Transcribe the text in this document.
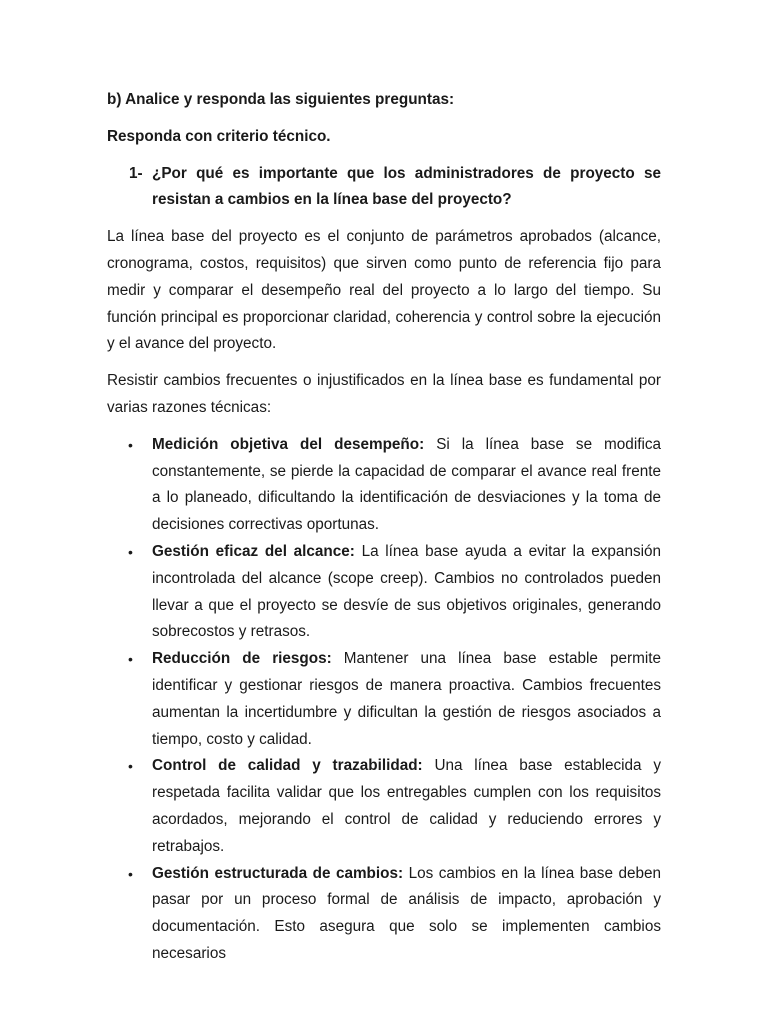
b) Analice y responda las siguientes preguntas:

Responda con criterio técnico.

1- ¿Por qué es importante que los administradores de proyecto se resistan a cambios en la línea base del proyecto?

La línea base del proyecto es el conjunto de parámetros aprobados (alcance, cronograma, costos, requisitos) que sirven como punto de referencia fijo para medir y comparar el desempeño real del proyecto a lo largo del tiempo. Su función principal es proporcionar claridad, coherencia y control sobre la ejecución y el avance del proyecto.

Resistir cambios frecuentes o injustificados en la línea base es fundamental por varias razones técnicas:

•	Medición objetiva del desempeño: Si la línea base se modifica constantemente, se pierde la capacidad de comparar el avance real frente a lo planeado, dificultando la identificación de desviaciones y la toma de decisiones correctivas oportunas.
•	Gestión eficaz del alcance: La línea base ayuda a evitar la expansión incontrolada del alcance (scope creep). Cambios no controlados pueden llevar a que el proyecto se desvíe de sus objetivos originales, generando sobrecostos y retrasos.
•	Reducción de riesgos: Mantener una línea base estable permite identificar y gestionar riesgos de manera proactiva. Cambios frecuentes aumentan la incertidumbre y dificultan la gestión de riesgos asociados a tiempo, costo y calidad.
•	Control de calidad y trazabilidad: Una línea base establecida y respetada facilita validar que los entregables cumplen con los requisitos acordados, mejorando el control de calidad y reduciendo errores y retrabajos.
•	Gestión estructurada de cambios: Los cambios en la línea base deben pasar por un proceso formal de análisis de impacto, aprobación y documentación. Esto asegura que solo se implementen cambios necesarios
